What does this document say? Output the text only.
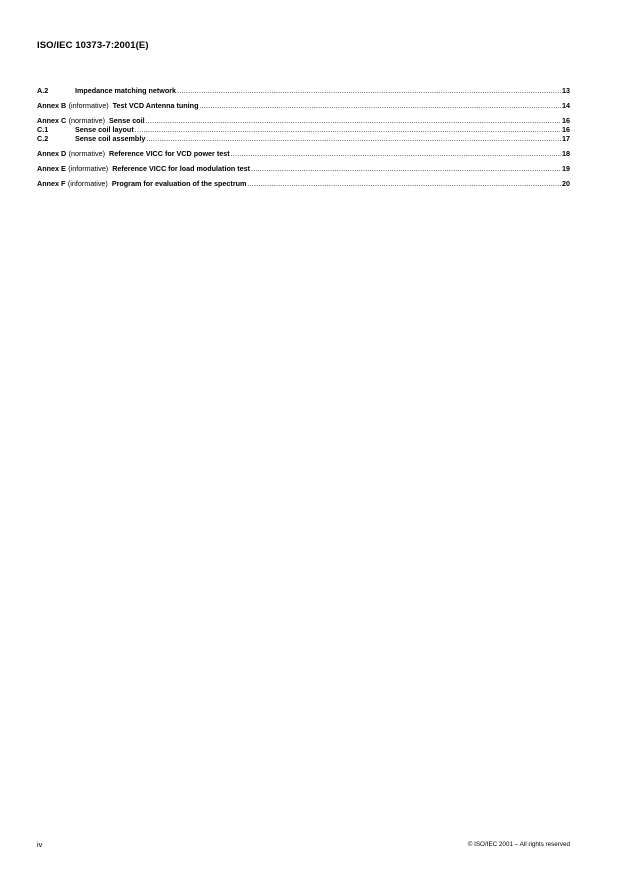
ISO/IEC 10373-7:2001(E)
A.2	Impedance matching network .....	13
Annex B (informative) Test VCD Antenna tuning .....	14
Annex C (normative) Sense coil .....	16
C.1	Sense coil layout .....	16
C.2	Sense coil assembly .....	17
Annex D (normative) Reference VICC for VCD power test .....	18
Annex E (informative) Reference VICC for load modulation test .....	19
Annex F (informative) Program for evaluation of the spectrum .....	20
iv	© ISO/IEC 2001 – All rights reserved
